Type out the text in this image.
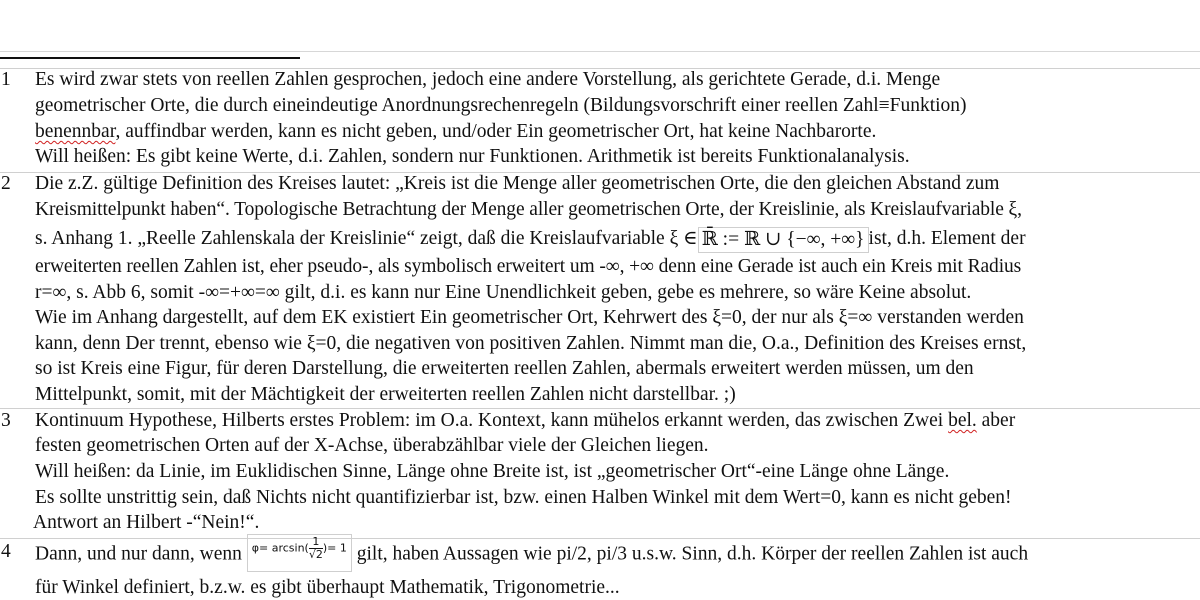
1 Es wird zwar stets von reellen Zahlen gesprochen, jedoch eine andere Vorstellung, als gerichtete Gerade, d.i. Menge
geometrischer Orte, die durch eineindeutige Anordnungsrechenregeln (Bildungsvorschrift einer reellen Zahl≡Funktion)
benennbar, auffindbar werden, kann es nicht geben, und/oder Ein geometrischer Ort, hat keine Nachbarorte.
Will heißen: Es gibt keine Werte, d.i. Zahlen, sondern nur Funktionen. Arithmetik ist bereits Funktionalanalysis.
2 Die z.Z. gültige Definition des Kreises lautet: „Kreis ist die Menge aller geometrischen Orte, die den gleichen Abstand zum
Kreismittelpunkt haben“. Topologische Betrachtung der Menge aller geometrischen Orte, der Kreislinie, als Kreislaufvariable ξ,
s. Anhang 1. „Reelle Zahlenskala der Kreislinie“ zeigt, daß die Kreislaufvariable ξ ∈ ℝ̄ := ℝ ∪ {−∞, +∞} ist, d.h. Element der
erweiterten reellen Zahlen ist, eher pseudo-, als symbolisch erweitert um -∞, +∞ denn eine Gerade ist auch ein Kreis mit Radius
r=∞, s. Abb 6, somit -∞=+∞=∞ gilt, d.i. es kann nur Eine Unendlichkeit geben, gebe es mehrere, so wäre Keine absolut.
Wie im Anhang dargestellt, auf dem EK existiert Ein geometrischer Ort, Kehrwert des ξ=0, der nur als ξ=∞ verstanden werden
kann, denn Der trennt, ebenso wie ξ=0, die negativen von positiven Zahlen. Nimmt man die, O.a., Definition des Kreises ernst,
so ist Kreis eine Figur, für deren Darstellung, die erweiterten reellen Zahlen, abermals erweitert werden müssen, um den
Mittelpunkt, somit, mit der Mächtigkeit der erweiterten reellen Zahlen nicht darstellbar. ;)
3 Kontinuum Hypothese, Hilberts erstes Problem: im O.a. Kontext, kann mühelos erkannt werden, das zwischen Zwei bel. aber
festen geometrischen Orten auf der X-Achse, überabzählbar viele der Gleichen liegen.
Will heißen: da Linie, im Euklidischen Sinne, Länge ohne Breite ist, ist „geometrischer Ort“-eine Länge ohne Länge.
Es sollte unstrittig sein, daß Nichts nicht quantifizierbar ist, bzw. einen Halben Winkel mit dem Wert=0, kann es nicht geben!
Antwort an Hilbert -“Nein!“.
4 Dann, und nur dann, wenn $\varphi= \arcsin(\frac{1}{√2}$ )= 1 gilt, haben Aussagen wie pi/2, pi/3 u.s.w. Sinn, d.h. Körper der reellen Zahlen ist auch
für Winkel definiert, b.z.w. es gibt überhaupt Mathematik, Trigonometrie...
